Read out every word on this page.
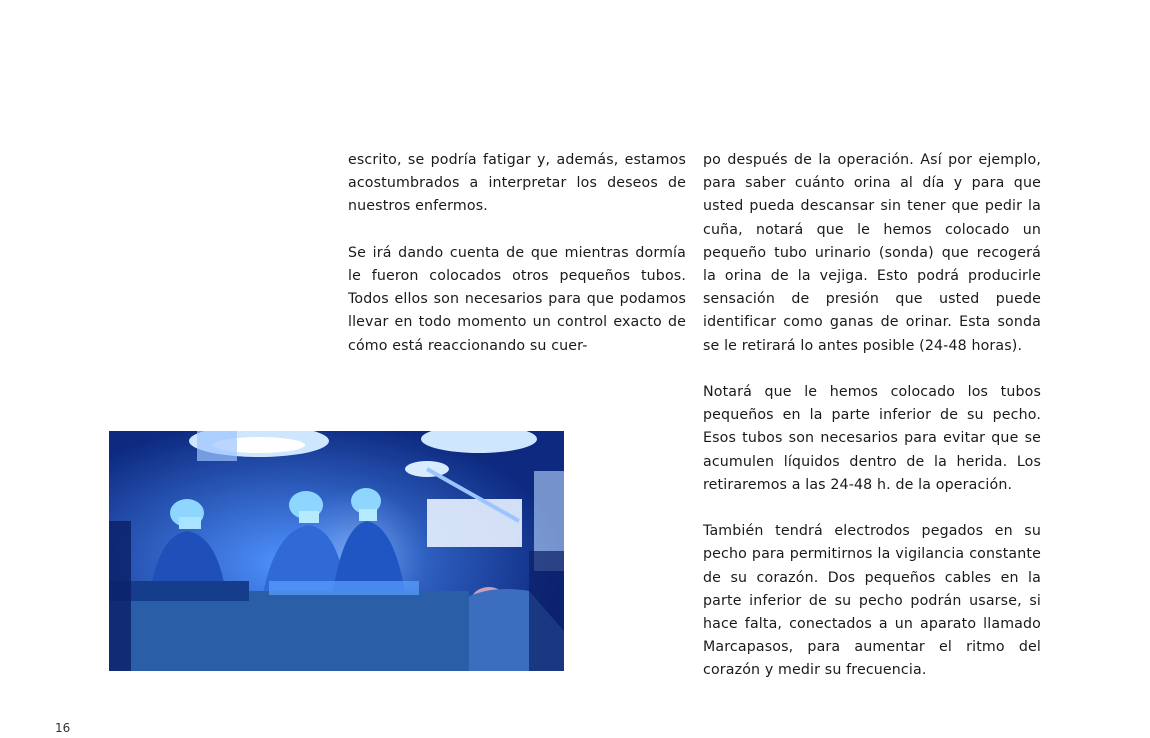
escrito, se podría fatigar y, además, estamos acostumbrados a interpretar los deseos de nuestros enfermos.

Se irá dando cuenta de que mientras dormía le fueron colocados otros pequeños tubos. Todos ellos son necesarios para que podamos llevar en todo momento un control exacto de cómo está reaccionando su cuer-

po después de la operación. Así por ejemplo, para saber cuánto orina al día y para que usted pueda descansar sin tener que pedir la cuña, notará que le hemos colocado un pequeño tubo urinario (sonda) que recogerá la orina de la vejiga. Esto podrá producirle sensación de presión que usted puede identificar como ganas de orinar. Esta sonda se le retirará lo antes posible (24-48 horas).

Notará que le hemos colocado los tubos pequeños en la parte inferior de su pecho. Esos tubos son necesarios para evitar que se acumulen líquidos dentro de la herida. Los retiraremos a las 24-48 h. de la operación.

También tendrá electrodos pegados en su pecho para permitirnos la vigilancia constante de su corazón. Dos pequeños cables en la parte inferior de su pecho podrán usarse, si hace falta, conectados a un aparato llamado Marcapasos, para aumentar el ritmo del corazón y medir su frecuencia.

16
